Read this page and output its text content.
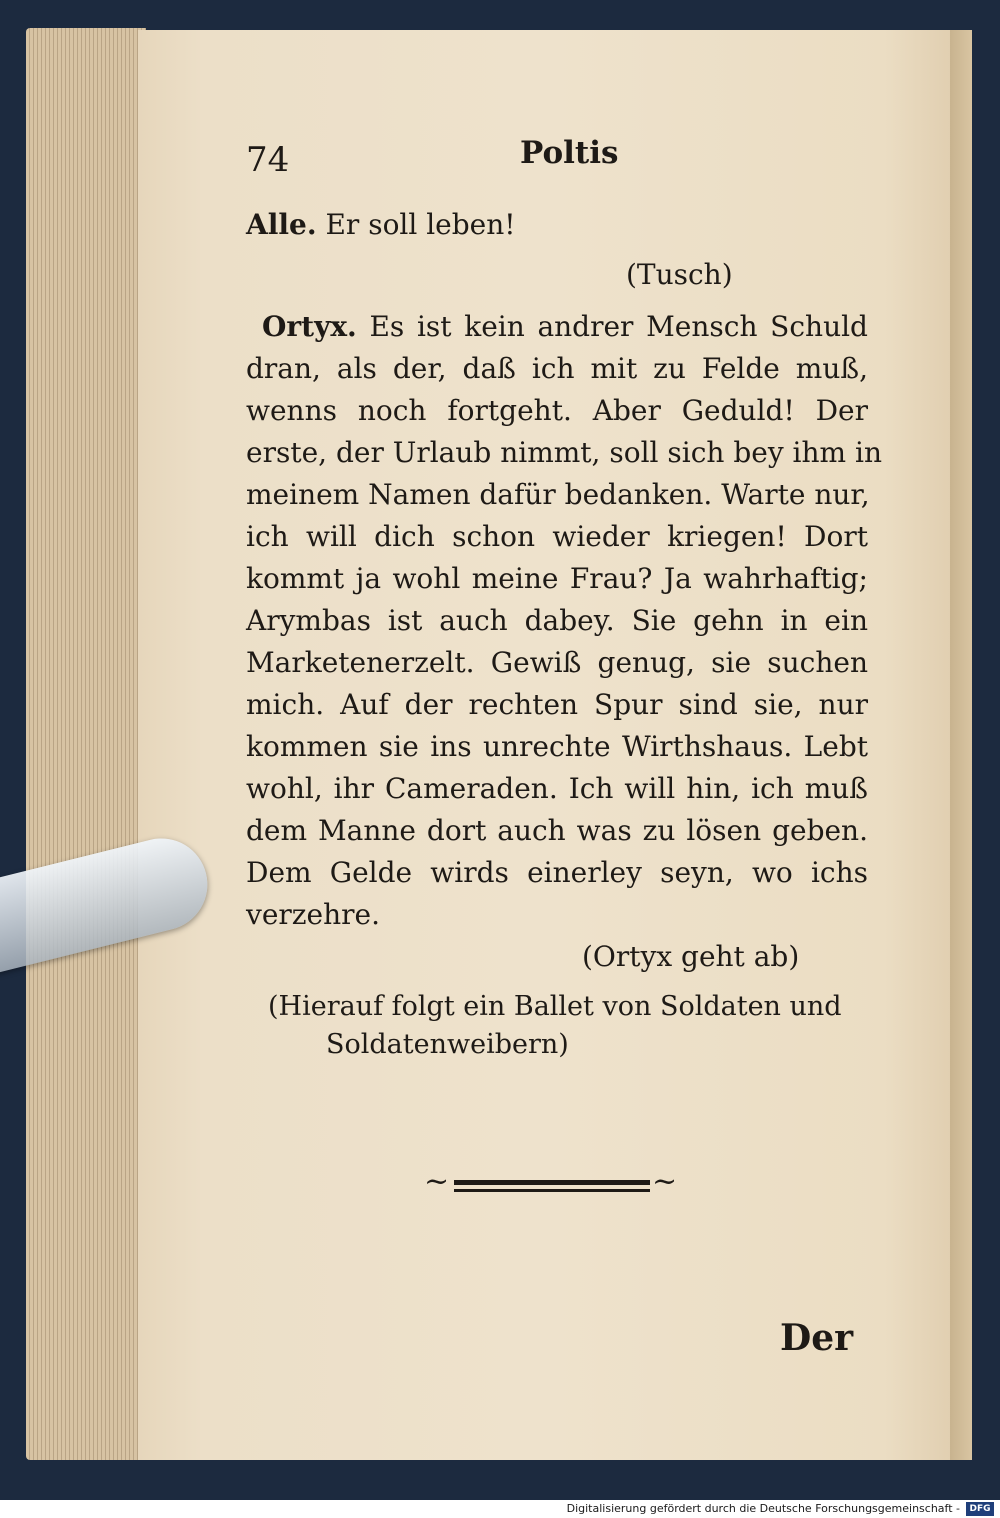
74	Poltis
Alle. Er soll leben!
(Tusch)
Ortyx. Es ist kein andrer Mensch Schuld
dran, als der, daß ich mit zu Felde muß,
wenns noch fortgeht. Aber Geduld! Der
erste, der Urlaub nimmt, soll sich bey ihm in
meinem Namen dafür bedanken. Warte nur,
ich will dich schon wieder kriegen! Dort
kommt ja wohl meine Frau? Ja wahrhaftig;
Arymbas ist auch dabey. Sie gehn in ein
Marketenerzelt. Gewiß genug, sie suchen
mich. Auf der rechten Spur sind sie, nur
kommen sie ins unrechte Wirthshaus. Lebt
wohl, ihr Cameraden. Ich will hin, ich muß
dem Manne dort auch was zu lösen geben.
Dem Gelde wirds einerley seyn, wo ichs
verzehre.
(Ortyx geht ab)
(Hierauf folgt ein Ballet von Soldaten und
Soldatenweibern)
~	~
Der
Digitalisierung gefördert durch die Deutsche Forschungsgemeinschaft -	DFG
